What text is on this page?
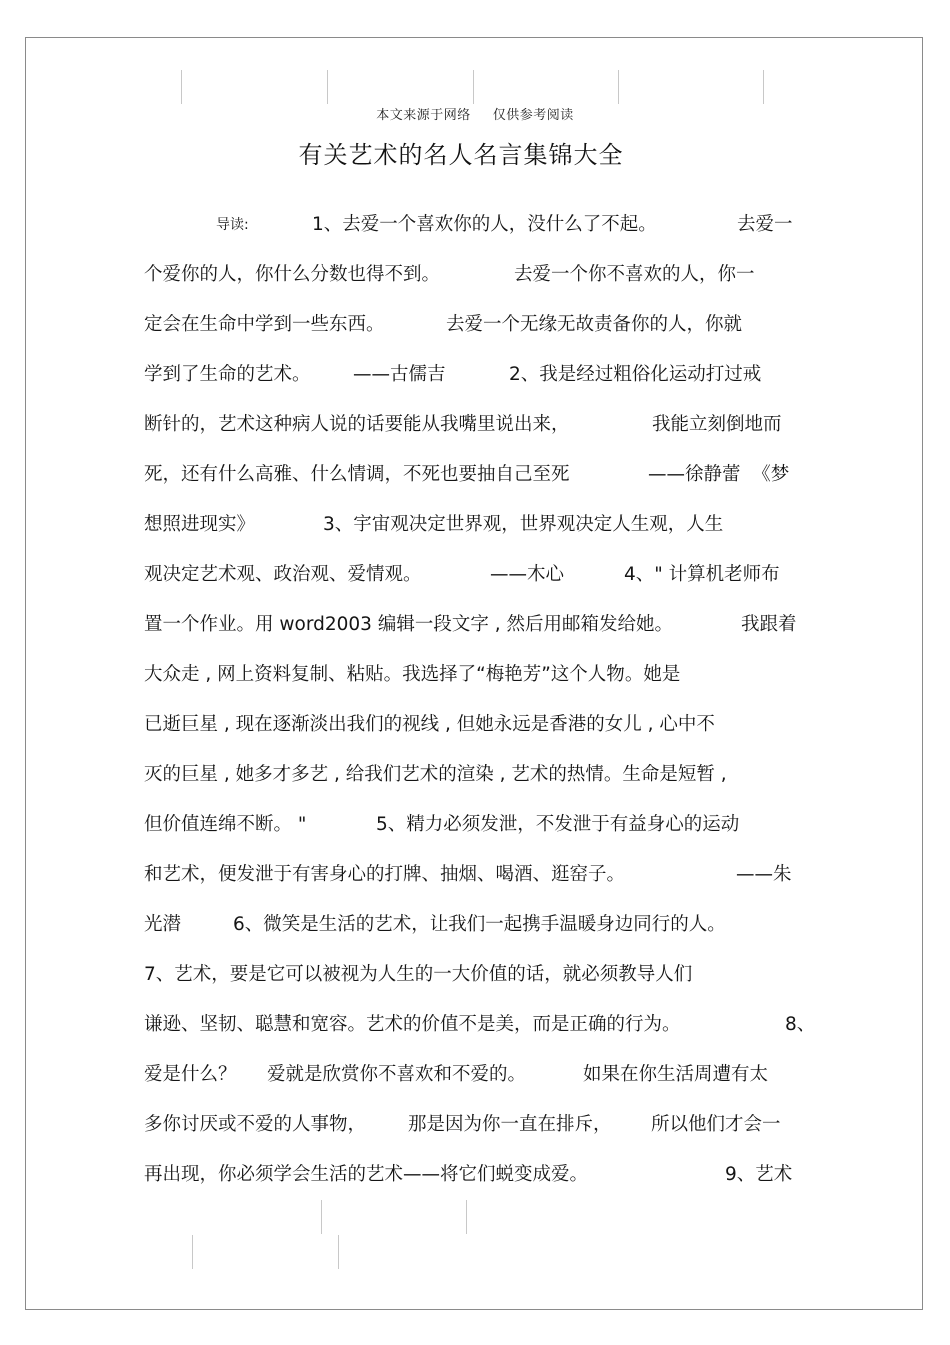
本文来源于网络 仅供参考阅读
有关艺术的名人名言集锦大全

导读:

	1、去爱一个喜欢你的人，没什么了不起。

	去爱一

个爱你的人，你什么分数也得不到。

	去爱一个你不喜欢的人，你一

定会在生命中学到一些东西。

	去爱一个无缘无故责备你的人，你就

学到了生命的艺术。

——古儒吉

	2、我是经过粗俗化运动打过戒

断针的，艺术这种病人说的话要能从我嘴里说出来，

	我能立刻倒地而

死，还有什么高雅、什么情调，不死也要抽自己至死

	——徐静蕾  《梦

想照进现实》

	3、宇宙观决定世界观，世界观决定人生观，人生

观决定艺术观、政治观、爱情观。

	——木心

	4、" 计算机老师布

置一个作业。用 word2003 编辑一段文字 , 然后用邮箱发给她。

	我跟着

大众走 , 网上资料复制、粘贴。我选择了“梅艳芳”这个人物。她是

已逝巨星 , 现在逐渐淡出我们的视线 , 但她永远是香港的女儿 , 心中不

灭的巨星 , 她多才多艺 , 给我们艺术的渲染 , 艺术的热情。生命是短暂 ,

但价值连绵不断。 "

	5、精力必须发泄，不发泄于有益身心的运动

和艺术，便发泄于有害身心的打牌、抽烟、喝酒、逛窑子。

	——朱

光潜

	6、微笑是生活的艺术，让我们一起携手温暖身边同行的人。

7、艺术，要是它可以被视为人生的一大价值的话，就必须教导人们

谦逊、坚韧、聪慧和宽容。艺术的价值不是美，而是正确的行为。

	8、

爱是什么？

爱就是欣赏你不喜欢和不爱的。

	如果在你生活周遭有太

多你讨厌或不爱的人事物，

那是因为你一直在排斥，

所以他们才会一

再出现，你必须学会生活的艺术——将它们蜕变成爱。

	9、艺术
